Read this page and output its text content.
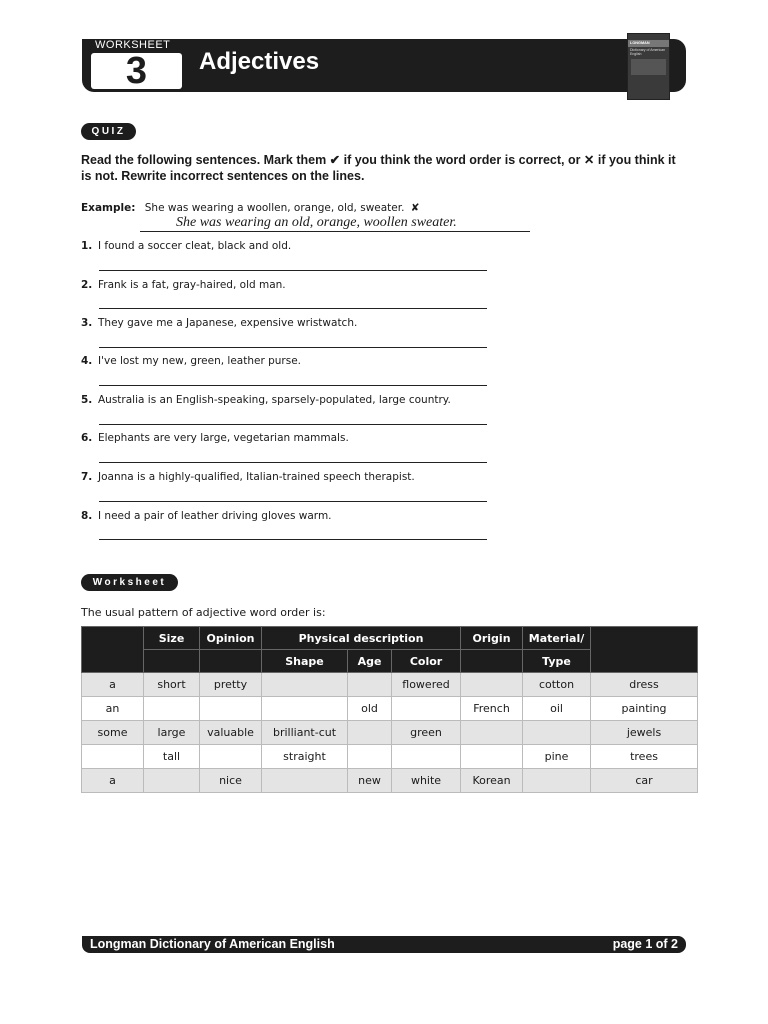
WORKSHEET
3	Adjectives
LONGMAN
Dictionary of American English
QUIZ
Read the following sentences. Mark them ✔ if you think the word order is correct, or ✕ if you think it is not. Rewrite incorrect sentences on the lines.
Example: She was wearing a woollen, orange, old, sweater. ✘
She was wearing an old, orange, woollen sweater.
1. I found a soccer cleat, black and old.
2. Frank is a fat, gray-haired, old man.
3. They gave me a Japanese, expensive wristwatch.
4. I've lost my new, green, leather purse.
5. Australia is an English-speaking, sparsely-populated, large country.
6. Elephants are very large, vegetarian mammals.
7. Joanna is a highly-qualified, Italian-trained speech therapist.
8. I need a pair of leather driving gloves warm.
Worksheet
The usual pattern of adjective word order is:
	Size	Opinion	Physical description			Origin	Material/	
			Shape	Age	Color		Type	
a	short	pretty			flowered		cotton	dress
an				old		French	oil	painting
some	large	valuable	brilliant-cut		green			jewels
	tall		straight				pine	trees
a		nice		new	white	Korean		car
Longman Dictionary of American English	page 1 of 2
